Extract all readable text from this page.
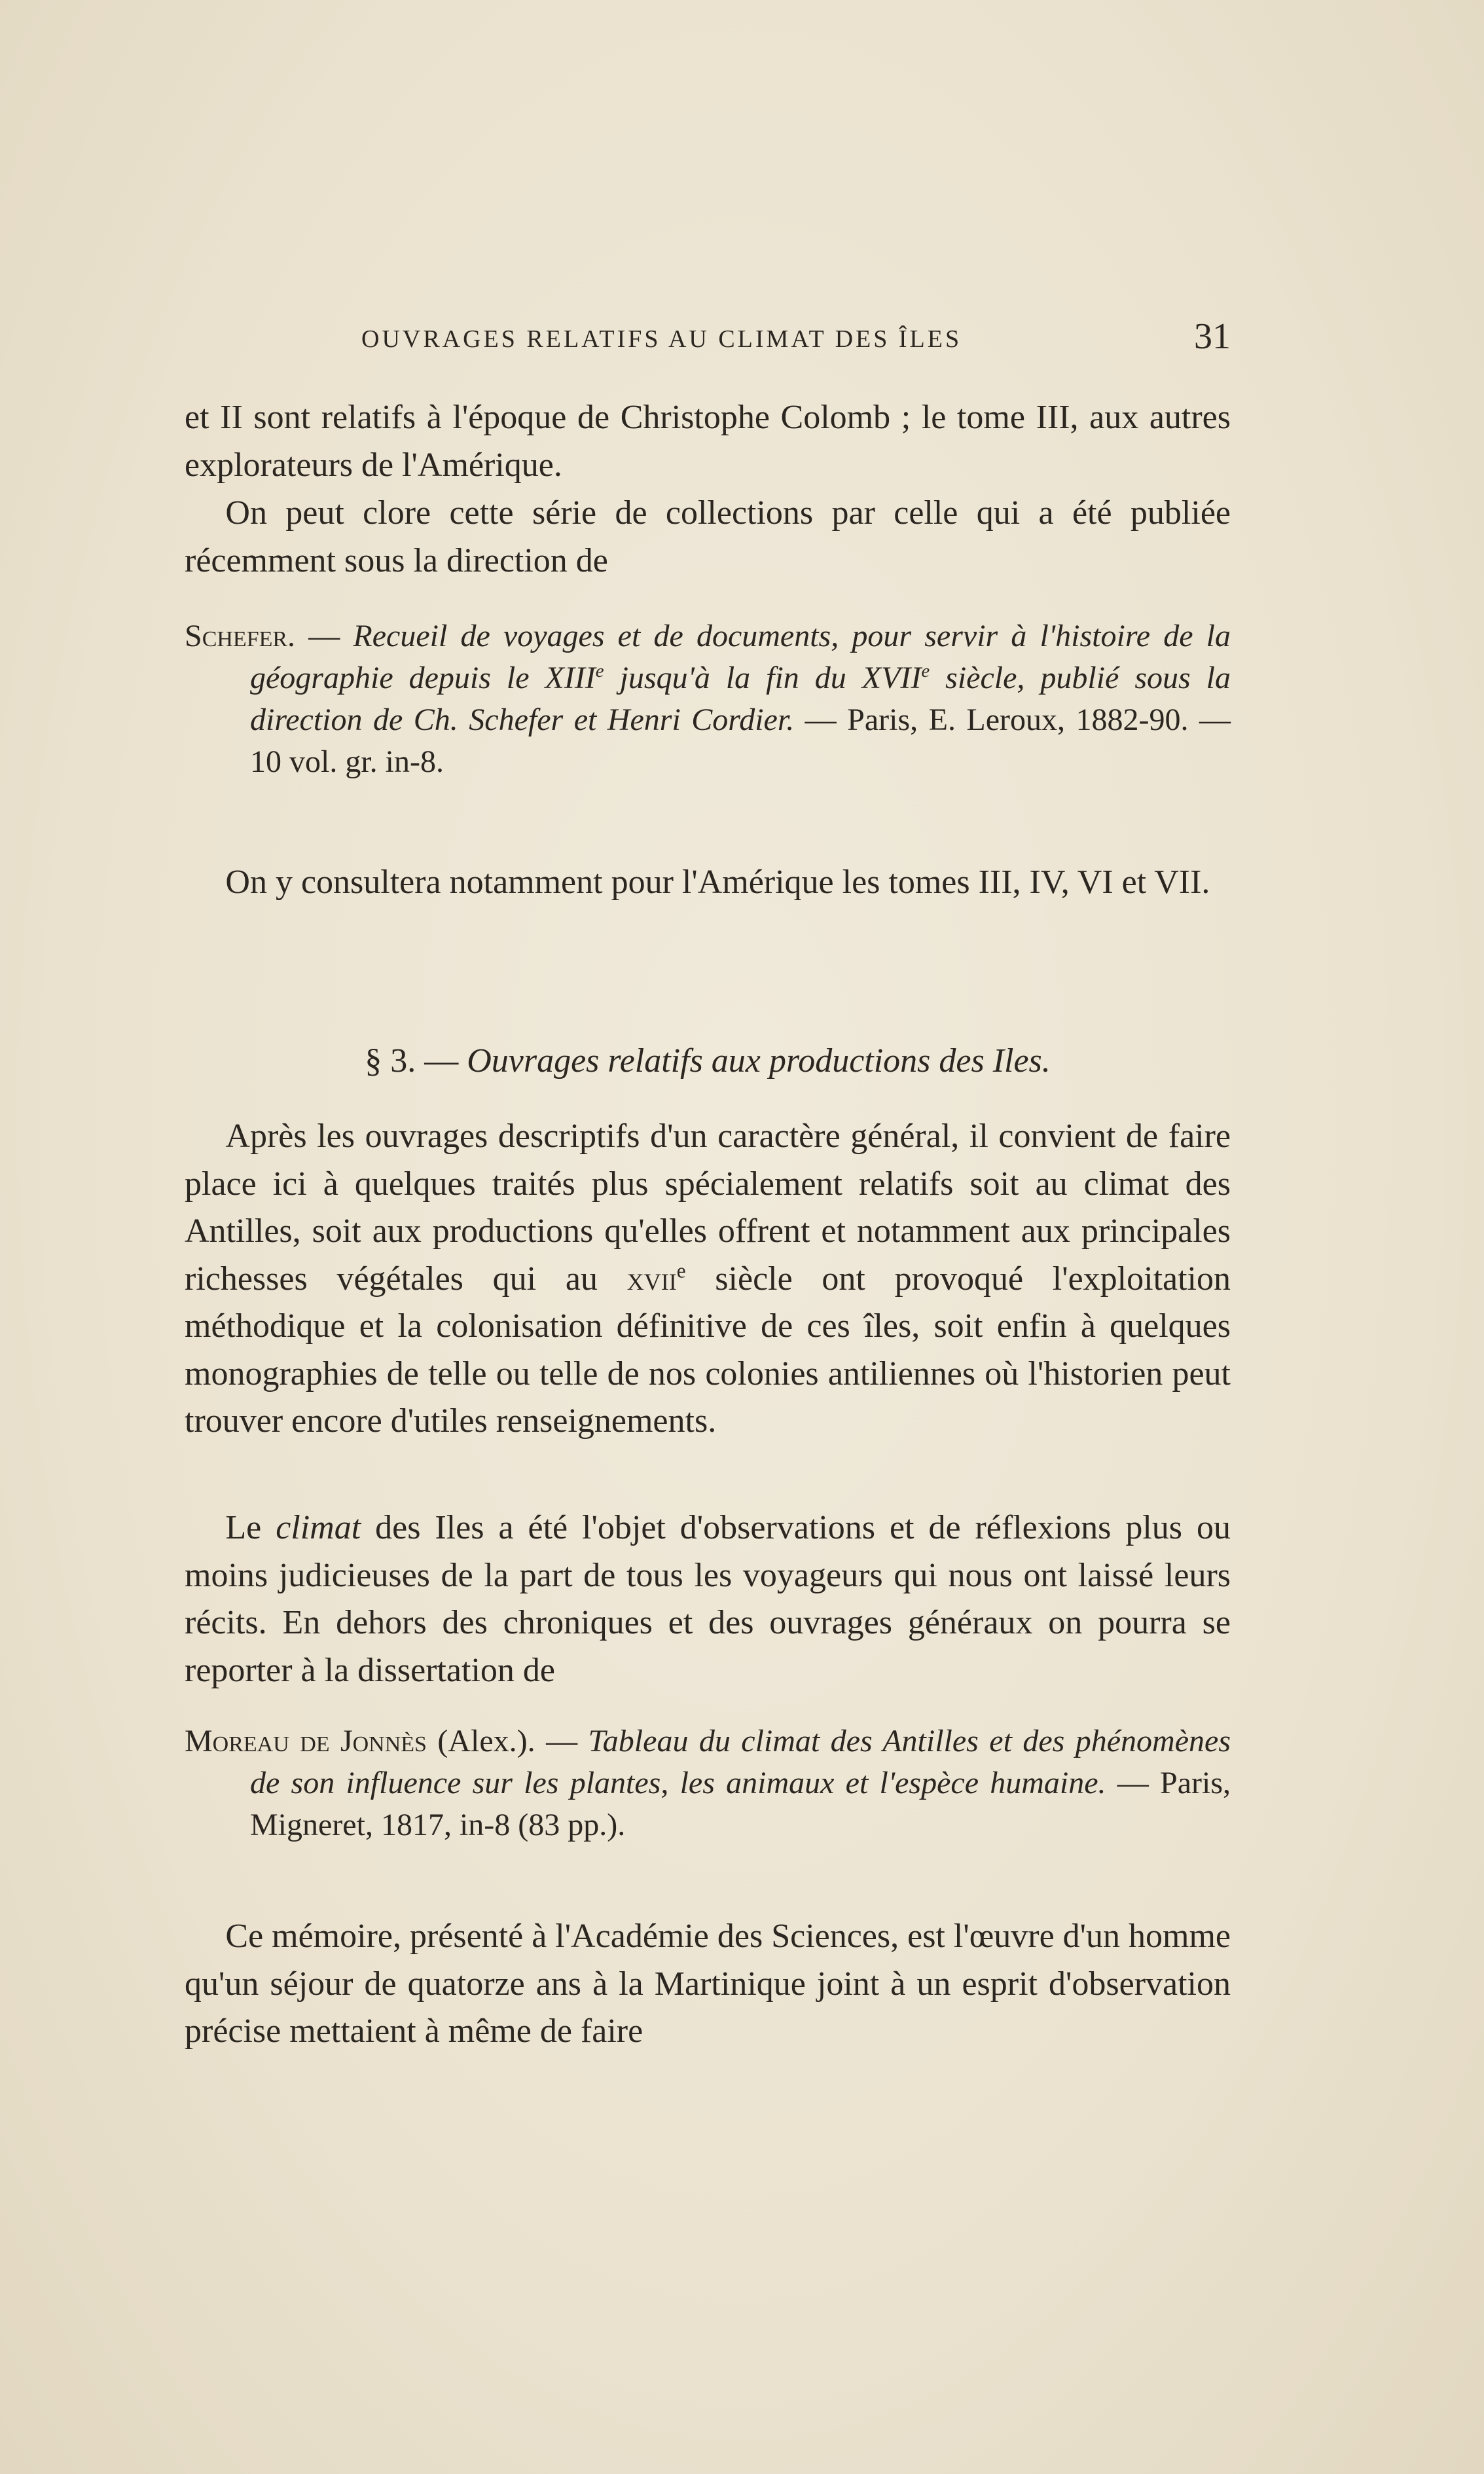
OUVRAGES RELATIFS AU CLIMAT DES ÎLES	31

et II sont relatifs à l'époque de Christophe Colomb ; le tome III, aux autres explorateurs de l'Amérique.

On peut clore cette série de collections par celle qui a été publiée récemment sous la direction de

Schefer. — Recueil de voyages et de documents, pour servir à l'histoire de la géographie depuis le XIIIe jusqu'à la fin du XVIIe siècle, publié sous la direction de Ch. Schefer et Henri Cordier. — Paris, E. Leroux, 1882-90. — 10 vol. gr. in-8.

On y consultera notamment pour l'Amérique les tomes III, IV, VI et VII.

§ 3. — Ouvrages relatifs aux productions des Iles.

Après les ouvrages descriptifs d'un caractère général, il convient de faire place ici à quelques traités plus spécialement relatifs soit au climat des Antilles, soit aux productions qu'elles offrent et notamment aux principales richesses végétales qui au xvii$^e$ siècle ont provoqué l'exploitation méthodique et la colonisation définitive de ces îles, soit enfin à quelques monographies de telle ou telle de nos colonies antiliennes où l'historien peut trouver encore d'utiles renseignements.

Le climat des Iles a été l'objet d'observations et de réflexions plus ou moins judicieuses de la part de tous les voyageurs qui nous ont laissé leurs récits. En dehors des chroniques et des ouvrages généraux on pourra se reporter à la dissertation de

Moreau de Jonnès (Alex.). — Tableau du climat des Antilles et des phénomènes de son influence sur les plantes, les animaux et l'espèce humaine. — Paris, Migneret, 1817, in-8 (83 pp.).

Ce mémoire, présenté à l'Académie des Sciences, est l'œuvre d'un homme qu'un séjour de quatorze ans à la Martinique joint à un esprit d'observation précise mettaient à même de faire
